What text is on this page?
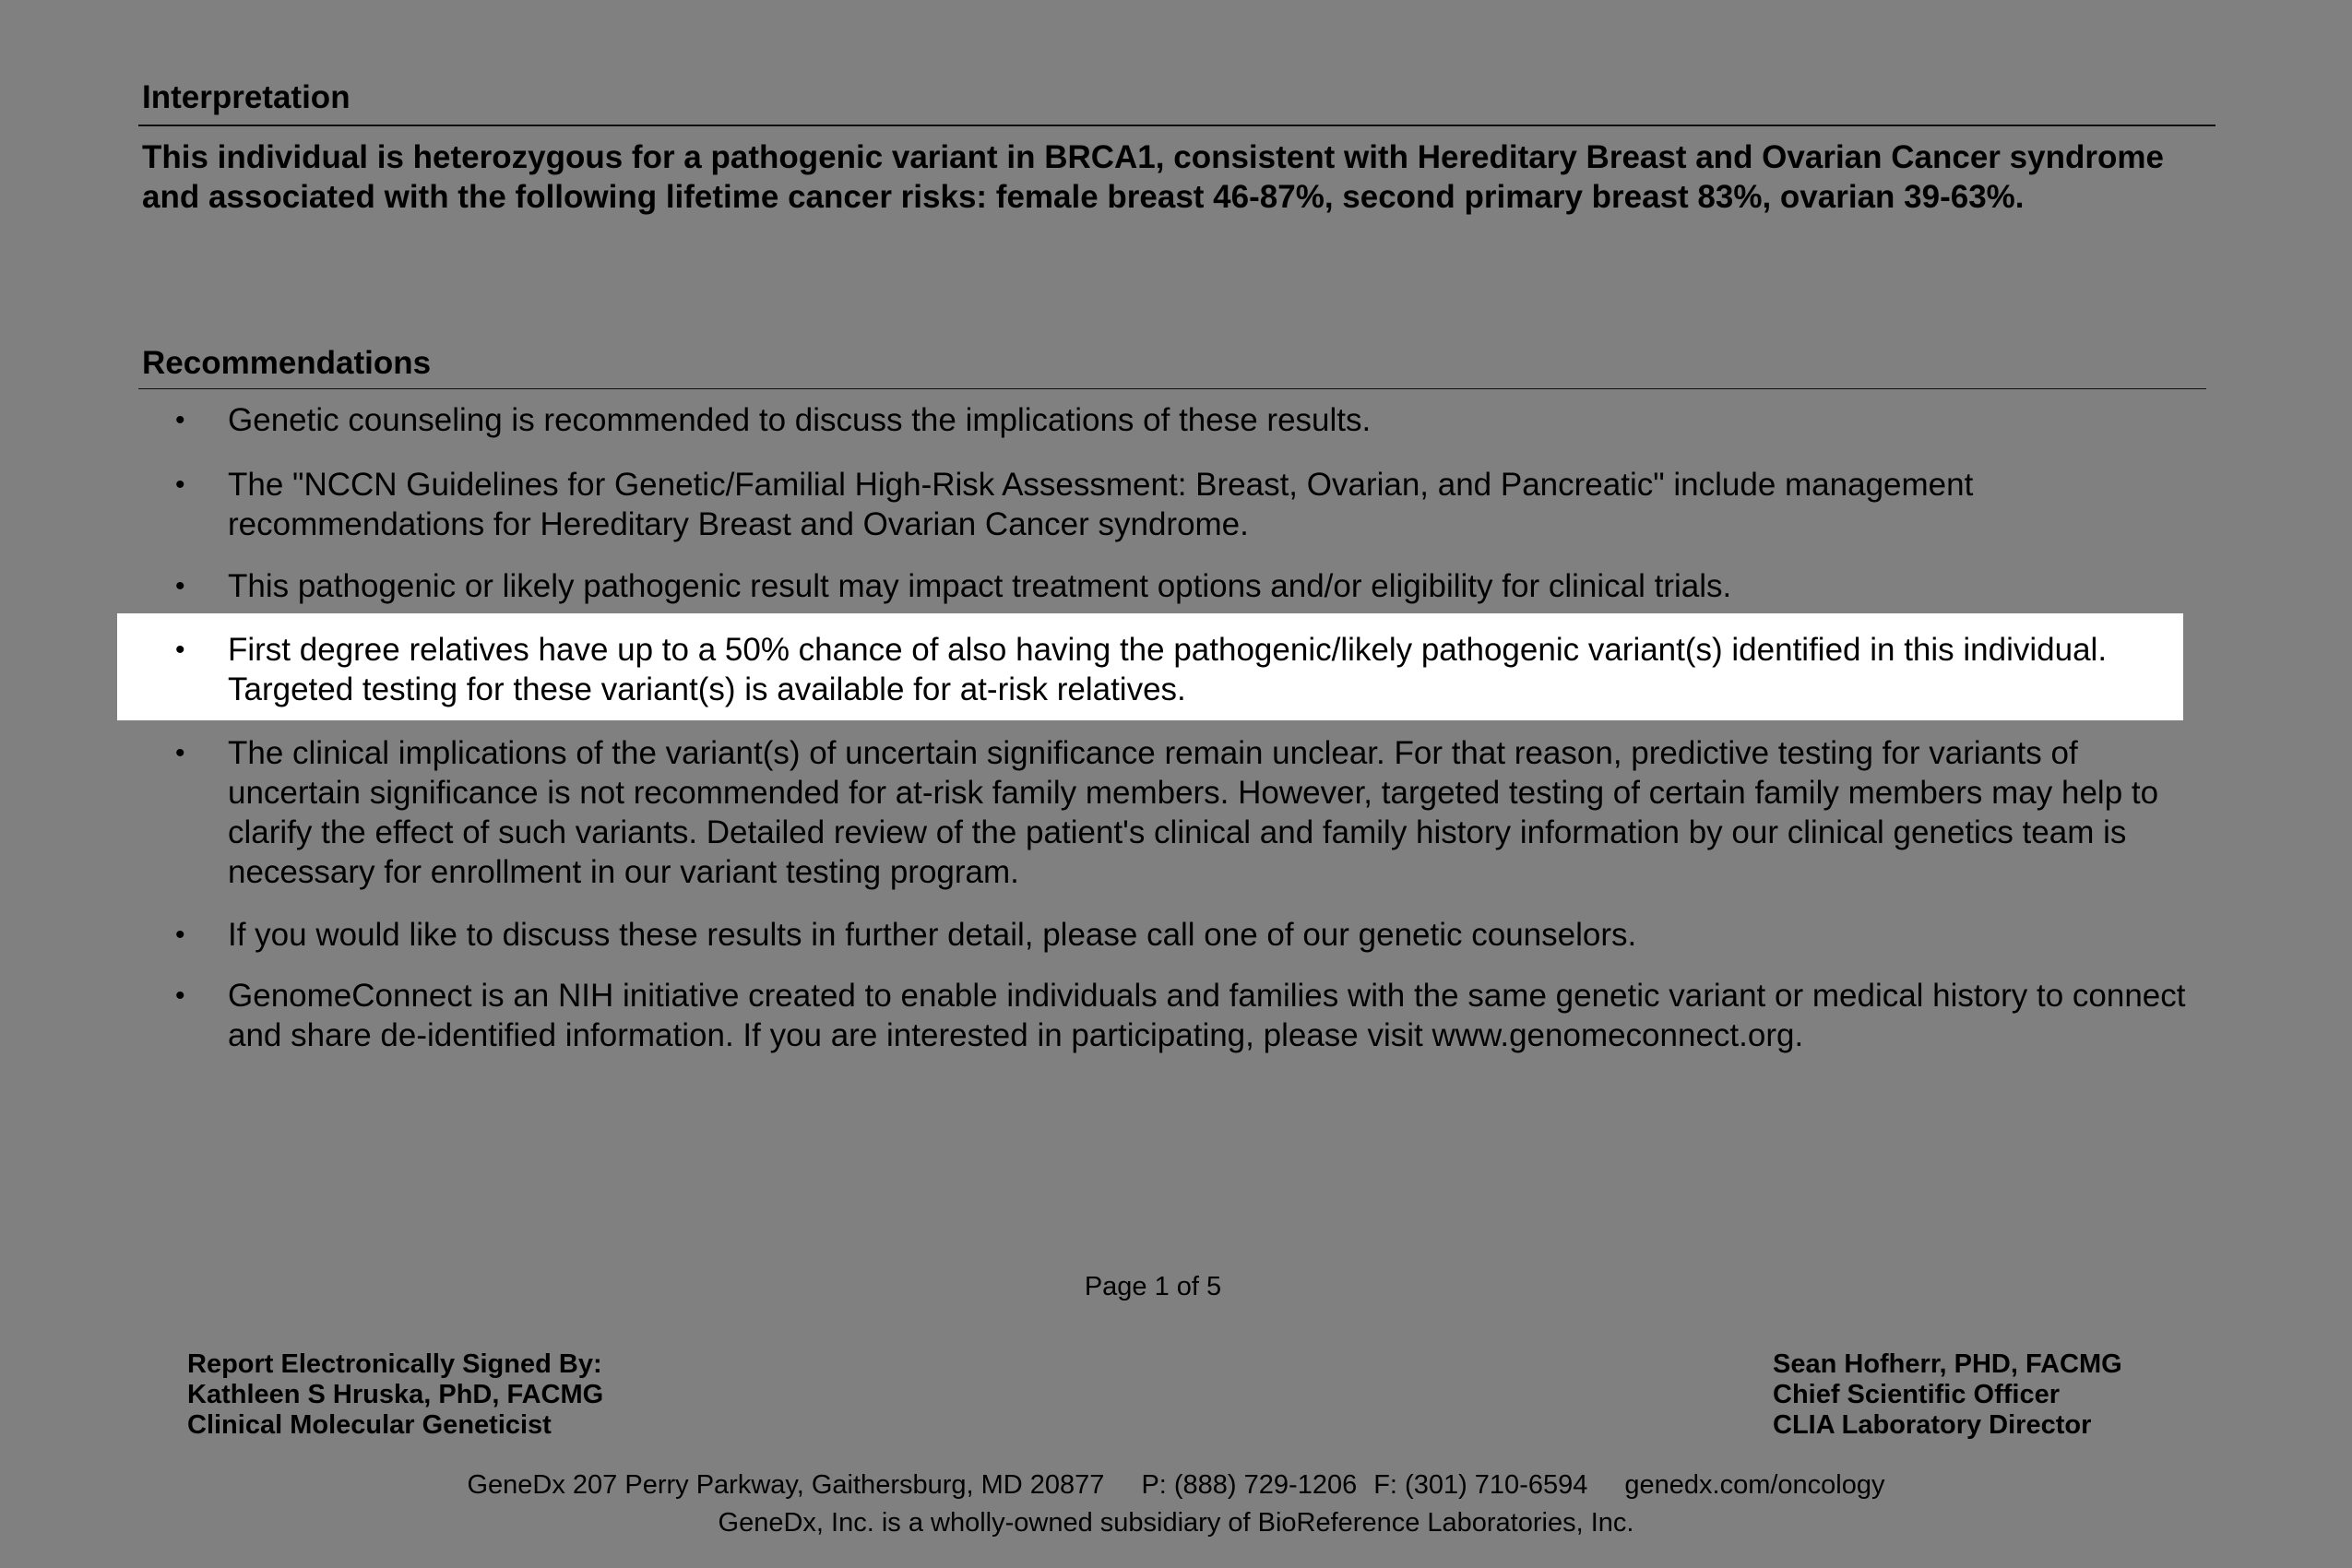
Interpretation
This individual is heterozygous for a pathogenic variant in BRCA1, consistent with Hereditary Breast and Ovarian Cancer syndrome and associated with the following lifetime cancer risks: female breast 46-87%, second primary breast 83%, ovarian 39-63%.
Recommendations
• Genetic counseling is recommended to discuss the implications of these results.
• The "NCCN Guidelines for Genetic/Familial High-Risk Assessment: Breast, Ovarian, and Pancreatic" include management recommendations for Hereditary Breast and Ovarian Cancer syndrome.
• This pathogenic or likely pathogenic result may impact treatment options and/or eligibility for clinical trials.
• First degree relatives have up to a 50% chance of also having the pathogenic/likely pathogenic variant(s) identified in this individual. Targeted testing for these variant(s) is available for at-risk relatives.
• The clinical implications of the variant(s) of uncertain significance remain unclear. For that reason, predictive testing for variants of uncertain significance is not recommended for at-risk family members. However, targeted testing of certain family members may help to clarify the effect of such variants. Detailed review of the patient's clinical and family history information by our clinical genetics team is necessary for enrollment in our variant testing program.
• If you would like to discuss these results in further detail, please call one of our genetic counselors.
• GenomeConnect is an NIH initiative created to enable individuals and families with the same genetic variant or medical history to connect and share de-identified information. If you are interested in participating, please visit www.genomeconnect.org.
Page 1 of 5
Report Electronically Signed By:
Kathleen S Hruska, PhD, FACMG
Clinical Molecular Geneticist
Sean Hofherr, PHD, FACMG
Chief Scientific Officer
CLIA Laboratory Director
GeneDx 207 Perry Parkway, Gaithersburg, MD 20877 P: (888) 729-1206 F: (301) 710-6594 genedx.com/oncology
GeneDx, Inc. is a wholly-owned subsidiary of BioReference Laboratories, Inc.
